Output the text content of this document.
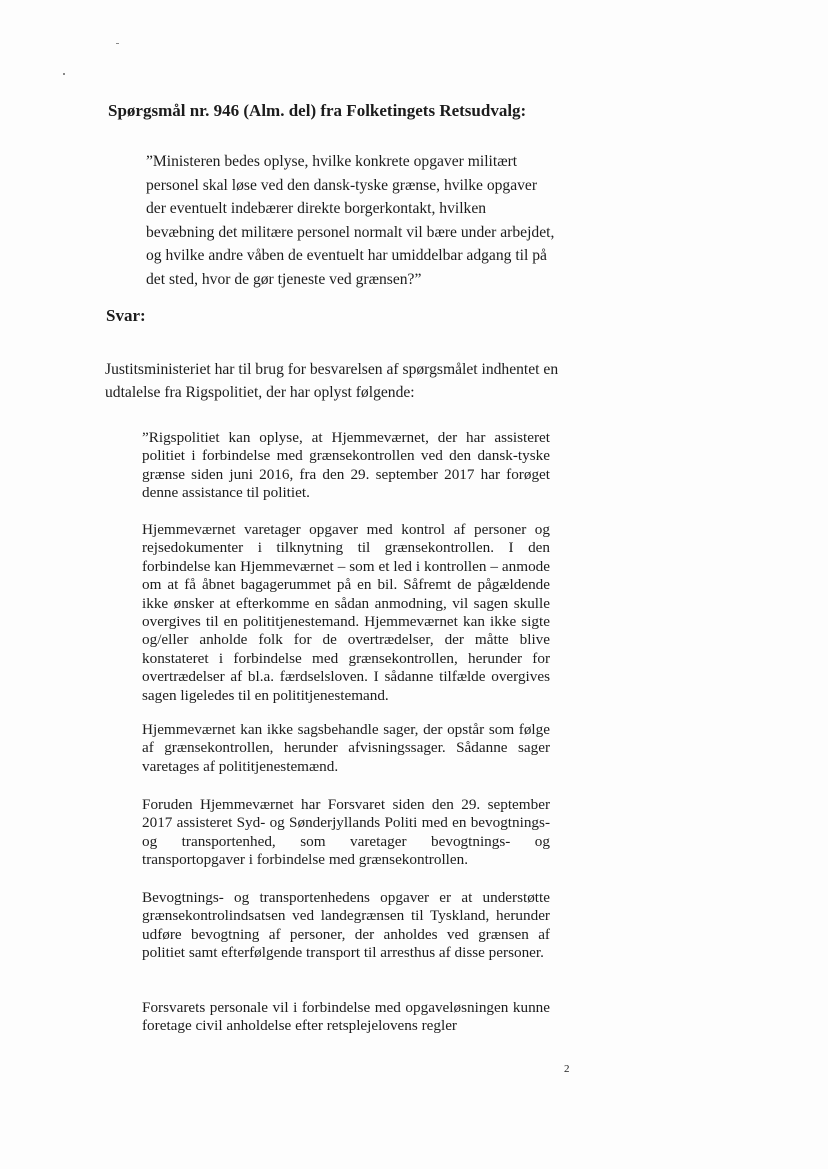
Spørgsmål nr. 946 (Alm. del) fra Folketingets Retsudvalg:
”Ministeren bedes oplyse, hvilke konkrete opgaver militært personel skal løse ved den dansk-tyske grænse, hvilke opgaver der eventuelt indebærer direkte borgerkontakt, hvilken bevæbning det militære personel normalt vil bære under arbejdet, og hvilke andre våben de eventuelt har umiddelbar adgang til på det sted, hvor de gør tjeneste ved grænsen?”
Svar:
Justitsministeriet har til brug for besvarelsen af spørgsmålet indhentet en udtalelse fra Rigspolitiet, der har oplyst følgende:
”Rigspolitiet kan oplyse, at Hjemmeværnet, der har assisteret politiet i forbindelse med grænsekontrollen ved den dansk-tyske grænse siden juni 2016, fra den 29. september 2017 har forøget denne assistance til politiet.
Hjemmeværnet varetager opgaver med kontrol af personer og rejsedokumenter i tilknytning til grænsekontrollen. I den forbindelse kan Hjemmeværnet – som et led i kontrollen – anmode om at få åbnet bagagerummet på en bil. Såfremt de pågældende ikke ønsker at efterkomme en sådan anmodning, vil sagen skulle overgives til en polititjenestemand. Hjemmeværnet kan ikke sigte og/eller anholde folk for de overtrædelser, der måtte blive konstateret i forbindelse med grænsekontrollen, herunder for overtrædelser af bl.a. færdselsloven. I sådanne tilfælde overgives sagen ligeledes til en polititjenestemand.
Hjemmeværnet kan ikke sagsbehandle sager, der opstår som følge af grænsekontrollen, herunder afvisningssager. Sådanne sager varetages af polititjenestemænd.
Foruden Hjemmeværnet har Forsvaret siden den 29. september 2017 assisteret Syd- og Sønderjyllands Politi med en bevogtnings- og transportenhed, som varetager bevogtnings- og transportopgaver i forbindelse med grænsekontrollen.
Bevogtnings- og transportenhedens opgaver er at understøtte grænsekontrolindsatsen ved landegrænsen til Tyskland, herunder udføre bevogtning af personer, der anholdes ved grænsen af politiet samt efterfølgende transport til arresthus af disse personer.
Forsvarets personale vil i forbindelse med opgaveløsningen kunne foretage civil anholdelse efter retsplejelovens regler
2
